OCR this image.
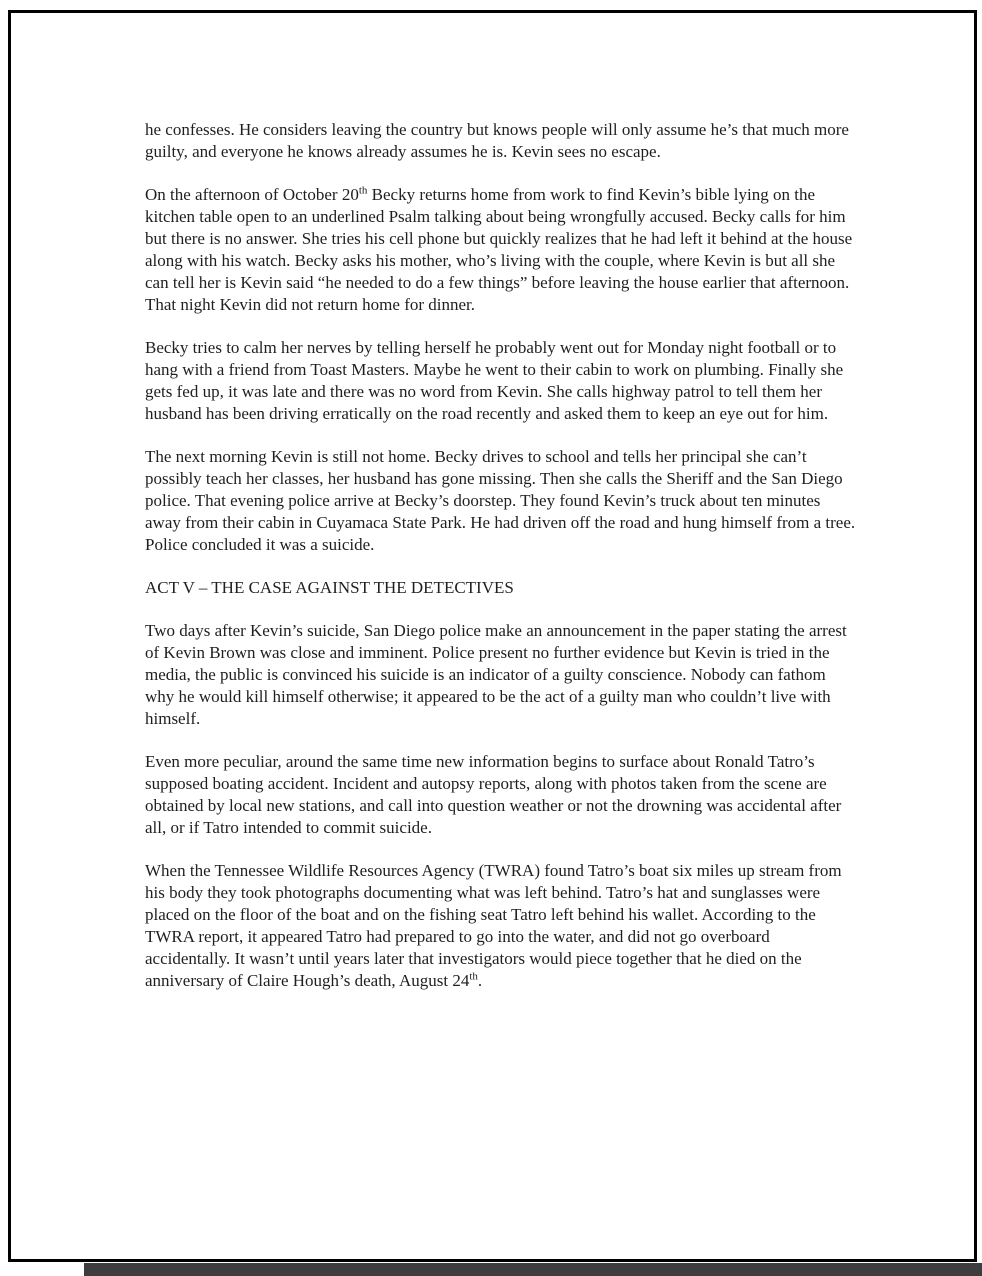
he confesses. He considers leaving the country but knows people will only assume he’s that much more guilty, and everyone he knows already assumes he is. Kevin sees no escape.

On the afternoon of October 20th Becky returns home from work to find Kevin’s bible lying on the kitchen table open to an underlined Psalm talking about being wrongfully accused. Becky calls for him but there is no answer. She tries his cell phone but quickly realizes that he had left it behind at the house along with his watch. Becky asks his mother, who’s living with the couple, where Kevin is but all she can tell her is Kevin said “he needed to do a few things” before leaving the house earlier that afternoon. That night Kevin did not return home for dinner.

Becky tries to calm her nerves by telling herself he probably went out for Monday night football or to hang with a friend from Toast Masters. Maybe he went to their cabin to work on plumbing. Finally she gets fed up, it was late and there was no word from Kevin. She calls highway patrol to tell them her husband has been driving erratically on the road recently and asked them to keep an eye out for him.

The next morning Kevin is still not home. Becky drives to school and tells her principal she can’t possibly teach her classes, her husband has gone missing. Then she calls the Sheriff and the San Diego police. That evening police arrive at Becky’s doorstep. They found Kevin’s truck about ten minutes away from their cabin in Cuyamaca State Park. He had driven off the road and hung himself from a tree. Police concluded it was a suicide.

ACT V – THE CASE AGAINST THE DETECTIVES

Two days after Kevin’s suicide, San Diego police make an announcement in the paper stating the arrest of Kevin Brown was close and imminent. Police present no further evidence but Kevin is tried in the media, the public is convinced his suicide is an indicator of a guilty conscience. Nobody can fathom why he would kill himself otherwise; it appeared to be the act of a guilty man who couldn’t live with himself.

Even more peculiar, around the same time new information begins to surface about Ronald Tatro’s supposed boating accident. Incident and autopsy reports, along with photos taken from the scene are obtained by local new stations, and call into question weather or not the drowning was accidental after all, or if Tatro intended to commit suicide.

When the Tennessee Wildlife Resources Agency (TWRA) found Tatro’s boat six miles up stream from his body they took photographs documenting what was left behind. Tatro’s hat and sunglasses were placed on the floor of the boat and on the fishing seat Tatro left behind his wallet. According to the TWRA report, it appeared Tatro had prepared to go into the water, and did not go overboard accidentally. It wasn’t until years later that investigators would piece together that he died on the anniversary of Claire Hough’s death, August 24th.
